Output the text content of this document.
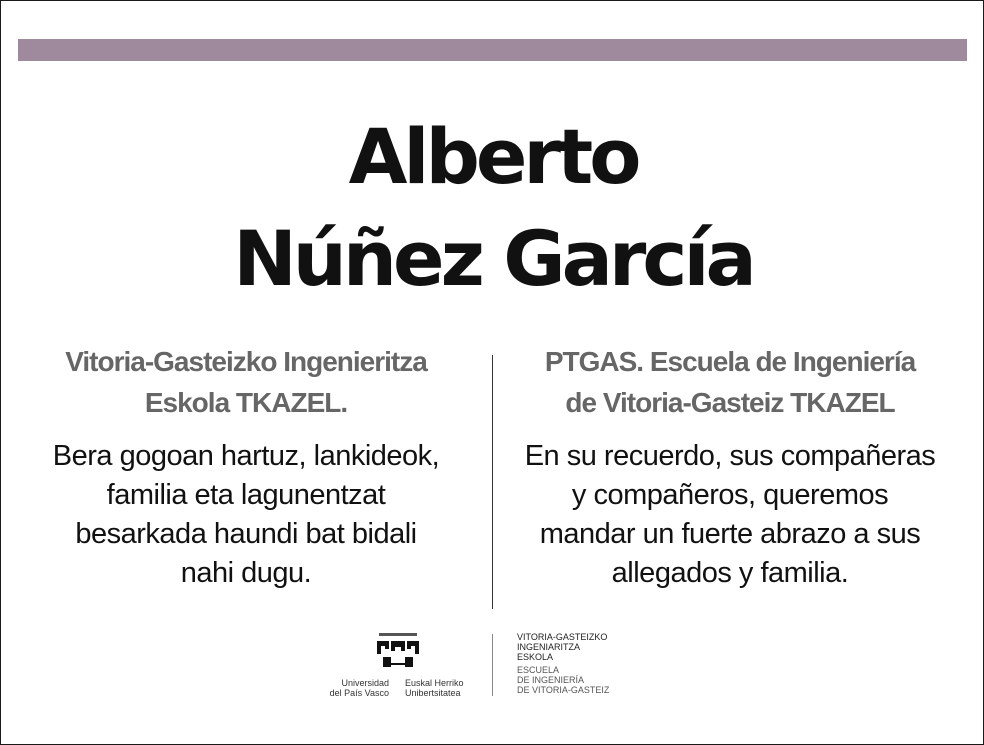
Alberto
Núñez García
Vitoria-Gasteizko Ingenieritza
Eskola TKAZEL.

Bera gogoan hartuz, lankideok,
familia eta lagunentzat
besarkada haundi bat bidali
nahi dugu.

PTGAS. Escuela de Ingeniería
de Vitoria-Gasteiz TKAZEL

En su recuerdo, sus compañeras
y compañeros, queremos
mandar un fuerte abrazo a sus
allegados y familia.

Universidad
del País Vasco
Euskal Herriko
Unibertsitatea
VITORIA-GASTEIZKO
INGENIARITZA
ESKOLA
ESCUELA
DE INGENIERÍA
DE VITORIA-GASTEIZ
